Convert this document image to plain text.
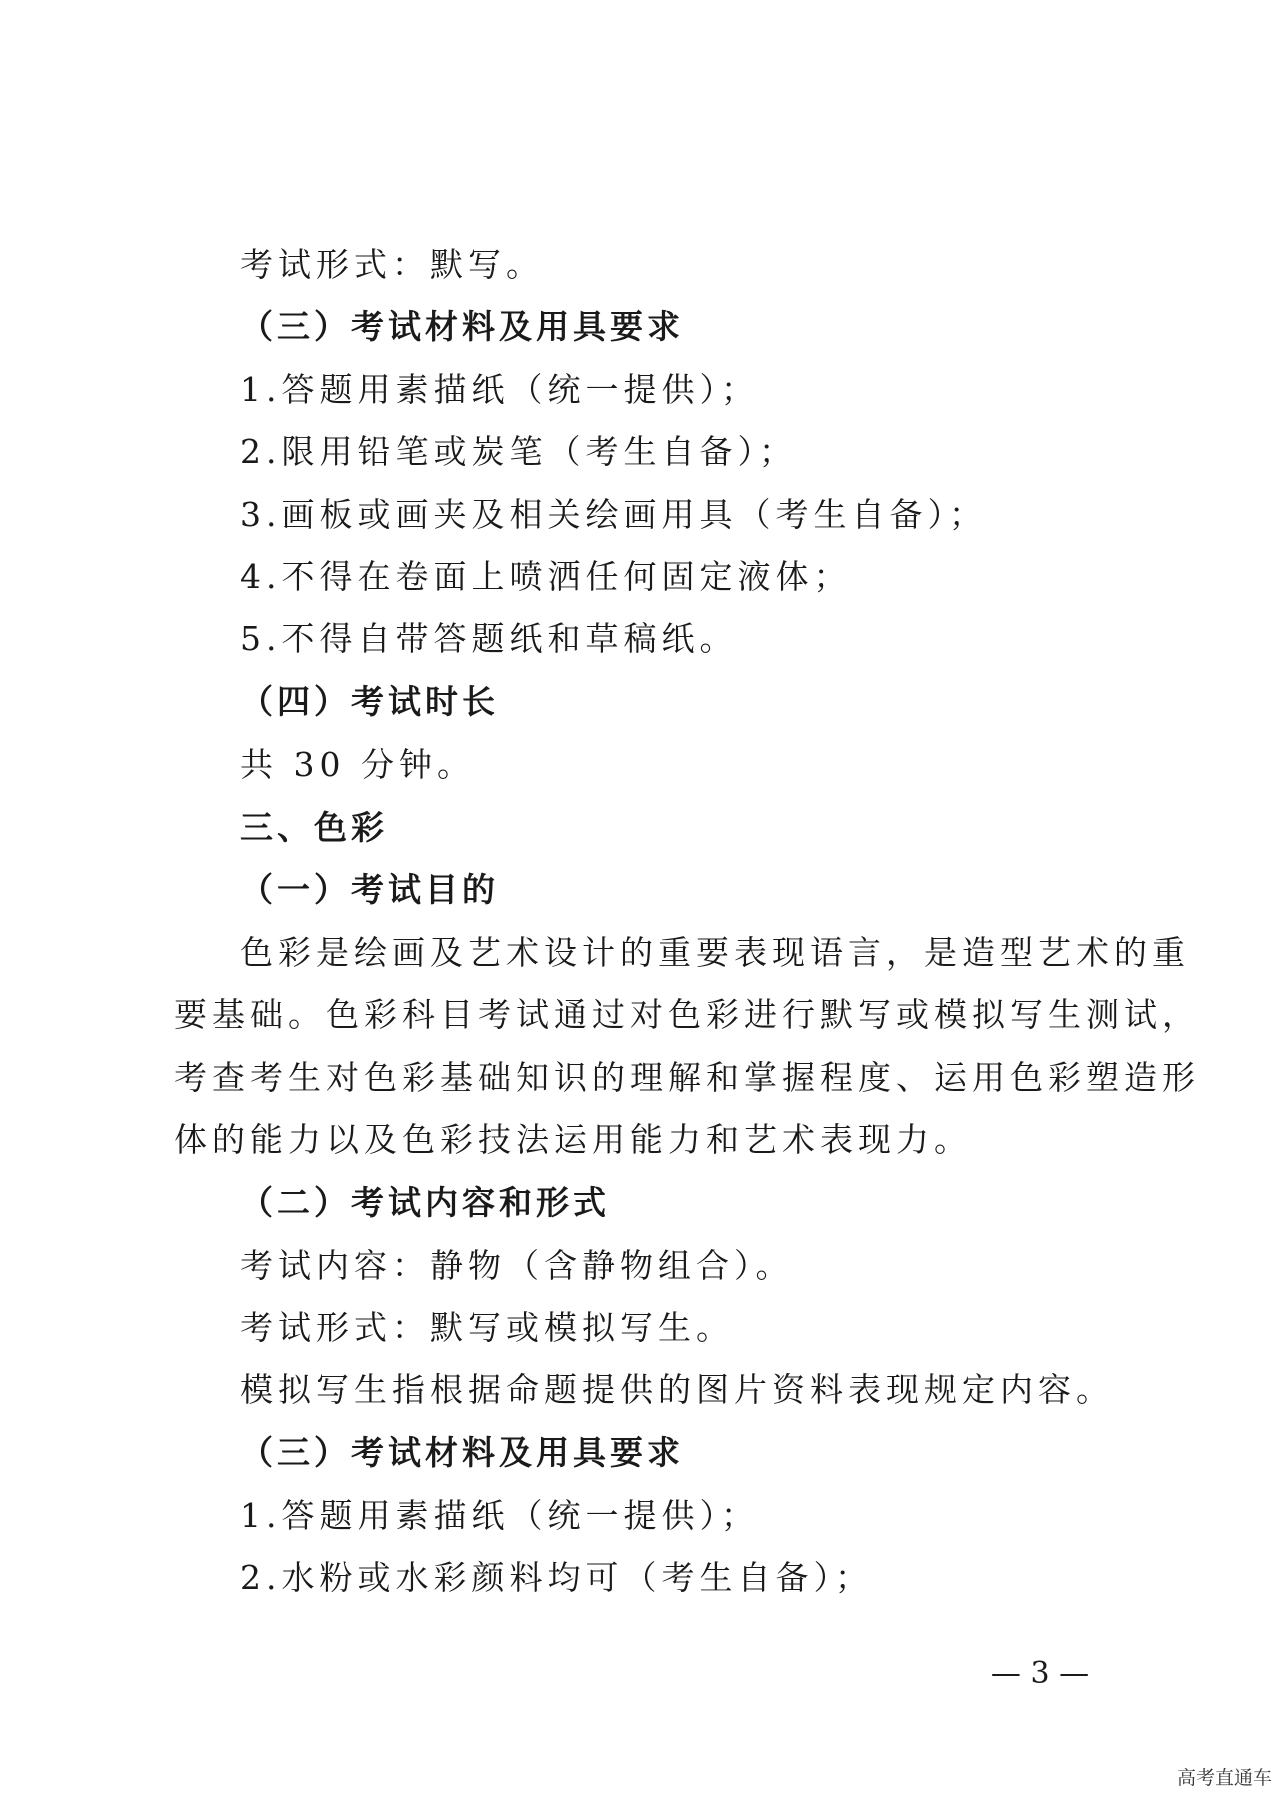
考试形式：默写。
（三）考试材料及用具要求
1.答题用素描纸（统一提供）；
2.限用铅笔或炭笔（考生自备）；
3.画板或画夹及相关绘画用具（考生自备）；
4.不得在卷面上喷洒任何固定液体；
5.不得自带答题纸和草稿纸。
（四）考试时长
共 30 分钟。
三、色彩
（一）考试目的
色彩是绘画及艺术设计的重要表现语言，是造型艺术的重
要基础。色彩科目考试通过对色彩进行默写或模拟写生测试，
考查考生对色彩基础知识的理解和掌握程度、运用色彩塑造形
体的能力以及色彩技法运用能力和艺术表现力。
（二）考试内容和形式
考试内容：静物（含静物组合）。
考试形式：默写或模拟写生。
模拟写生指根据命题提供的图片资料表现规定内容。
（三）考试材料及用具要求
1.答题用素描纸（统一提供）；
2.水粉或水彩颜料均可（考生自备）；
— 3 —
高考直通车
